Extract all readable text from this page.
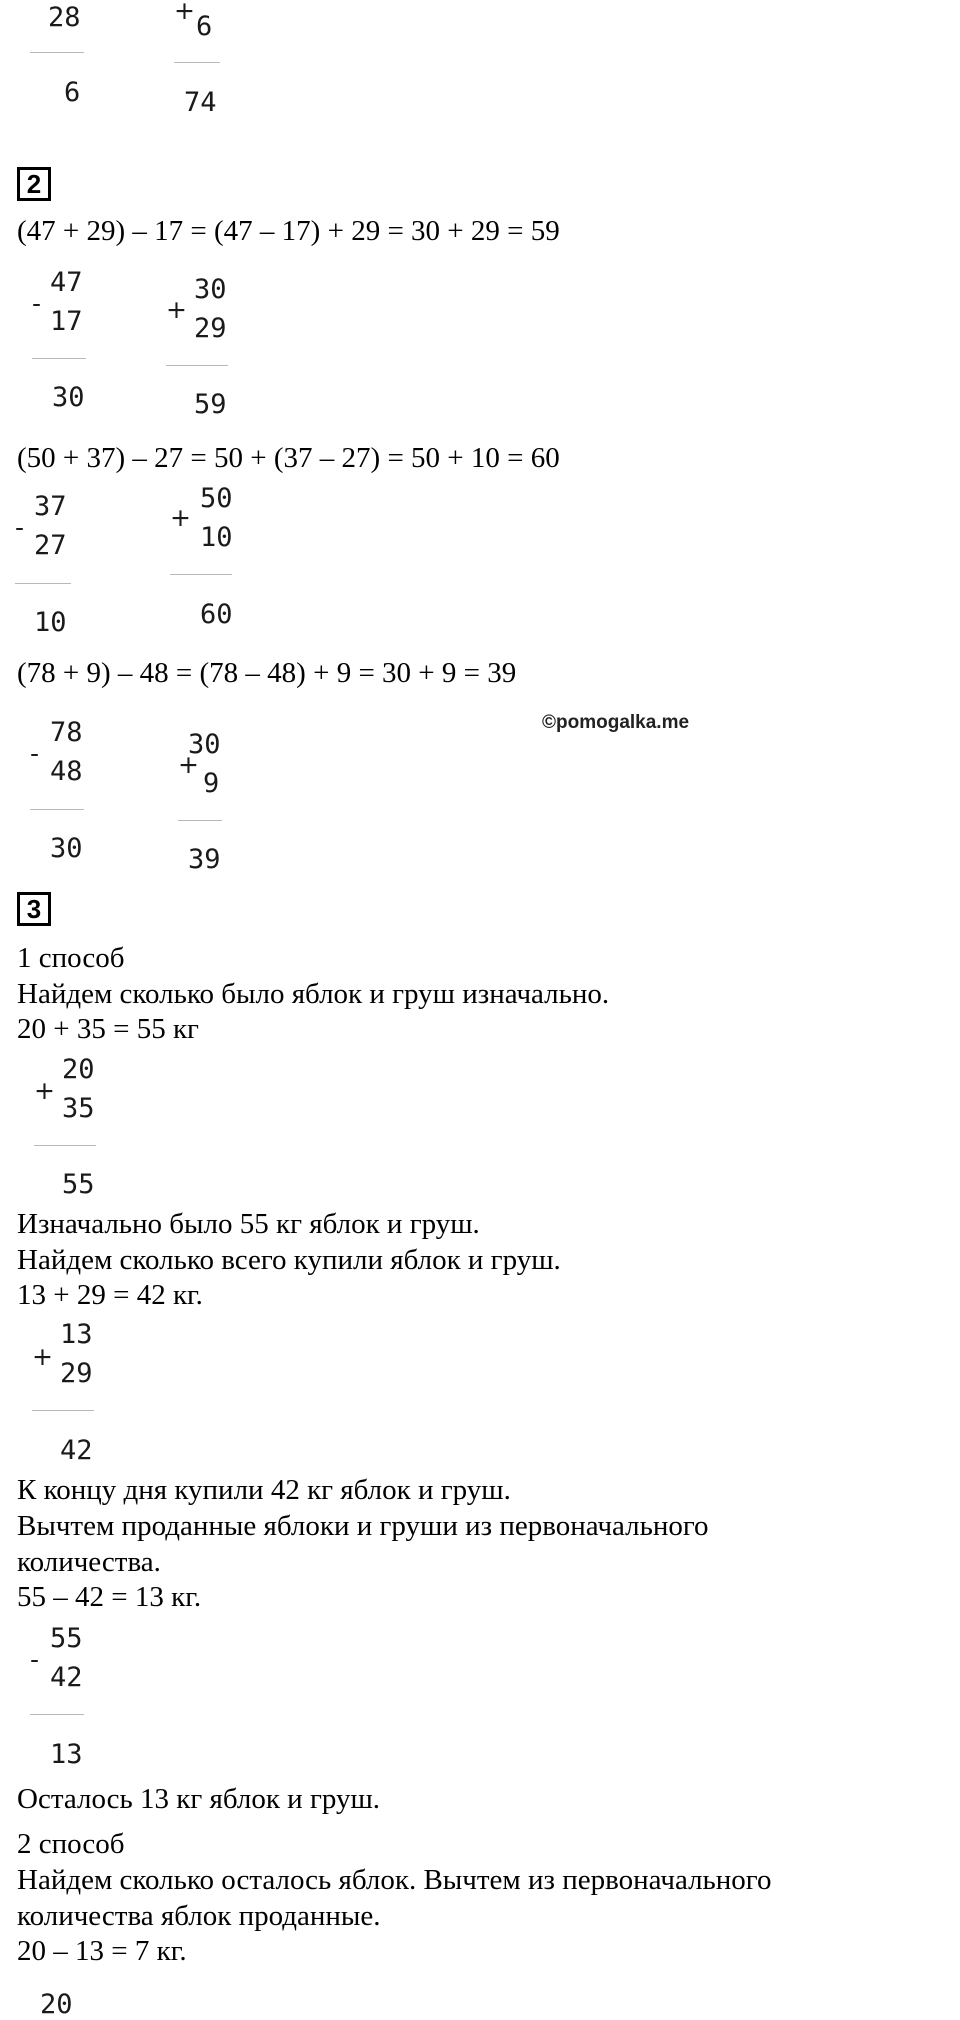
28
6
+
6
74
2
(47 + 29) – 17 = (47 – 17) + 29 = 30 + 29 = 59
-
47
17
30
+
30
29
59
(50 + 37) – 27 = 50 + (37 – 27) = 50 + 10 = 60
-
37
27
10
+
50
10
60
(78 + 9) – 48 = (78 – 48) + 9 = 30 + 9 = 39
©pomogalka.me
-
78
48
30
+
30
9
39
3
1 способ
Найдем сколько было яблок и груш изначально.
20 + 35 = 55 кг
+
20
35
55
Изначально было 55 кг яблок и груш.
Найдем сколько всего купили яблок и груш.
13 + 29 = 42 кг.
+
13
29
42
К концу дня купили 42 кг яблок и груш.
Вычтем проданные яблоки и груши из первоначального
количества.
55 – 42 = 13 кг.
-
55
42
13
Осталось 13 кг яблок и груш.
2 способ
Найдем сколько осталось яблок. Вычтем из первоначального
количества яблок проданные.
20 – 13 = 7 кг.
20
